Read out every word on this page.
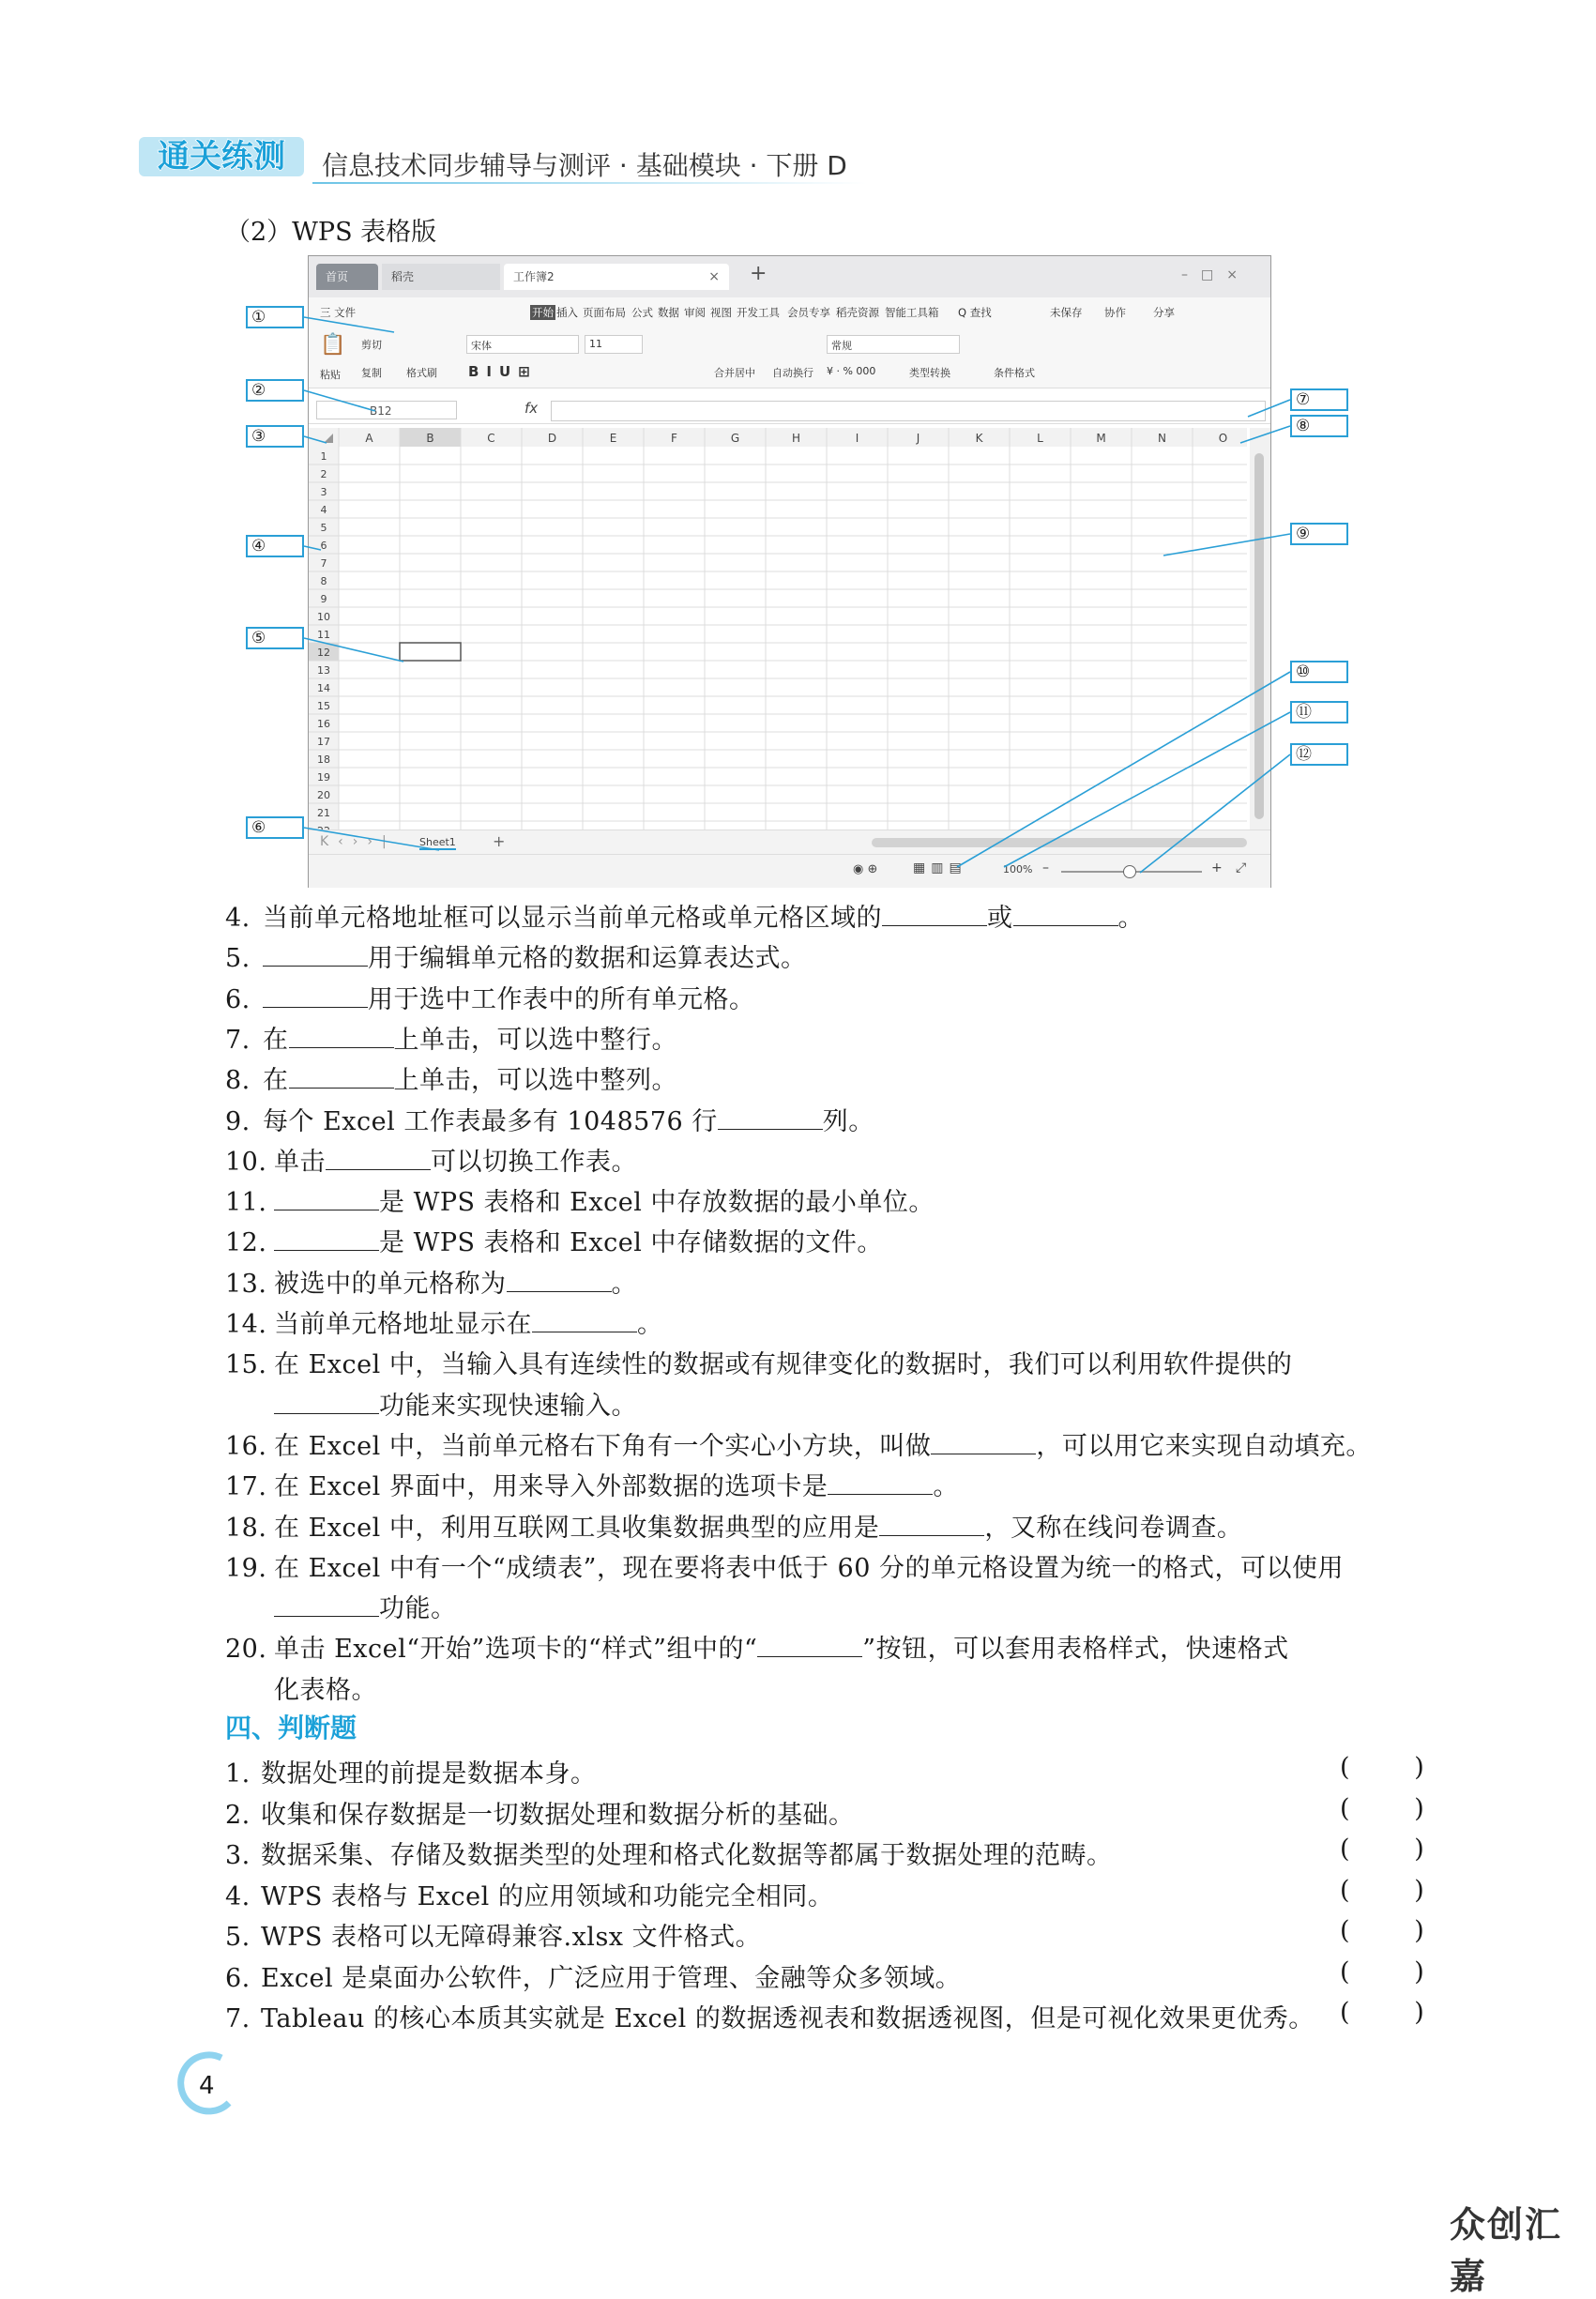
通关练测 信息技术同步辅导与测评 · 基础模块 · 下册 D
（2）WPS 表格版
首页	稻壳	工作簿2	× +	–□×
三 文件	开始 插入 页面布局 公式 数据 审阅 视图 开发工具 会员专享 稻壳资源 智能工具箱 Q 查找	未保存 协作	分享
📋
粘贴
剪切
复制 格式刷
宋体	11
BIU⊞	合并居中 自动换行
常规
¥ · % 000	类型转换	条件格式
B12	fx
A	B	C	D	E	F	G	H	I	J	K	L	M	N	O
1
2
3
4
5
6
7
8
9
10
11
12
13
14
15
16
17
18
19
20
21
K‹››| Sheet1 +
◉ ⊕	▦▥▤	100% –	+ ⤢
①
②
③
④
⑤
⑥
⑦
⑧
⑨
⑩
⑪
⑫
4. 当前单元格地址框可以显示当前单元格或单元格区域的	或	。
5.	用于编辑单元格的数据和运算表达式。
6.	用于选中工作表中的所有单元格。
7. 在	上单击，可以选中整行。
8. 在	上单击，可以选中整列。
9. 每个 Excel 工作表最多有 1048576 行	列。
10. 单击	可以切换工作表。
11.	是 WPS 表格和 Excel 中存放数据的最小单位。
12.	是 WPS 表格和 Excel 中存储数据的文件。
13. 被选中的单元格称为	。
14. 当前单元格地址显示在	。
15. 在 Excel 中，当输入具有连续性的数据或有规律变化的数据时，我们可以利用软件提供的
功能来实现快速输入。
16. 在 Excel 中，当前单元格右下角有一个实心小方块，叫做	，可以用它来实现自动填充。
17. 在 Excel 界面中，用来导入外部数据的选项卡是	。
18. 在 Excel 中，利用互联网工具收集数据典型的应用是	，又称在线问卷调查。
19. 在 Excel 中有一个“成绩表”，现在要将表中低于 60 分的单元格设置为统一的格式，可以使用
功能。
20. 单击 Excel“开始”选项卡的“样式”组中的“	”按钮，可以套用表格样式，快速格式
化表格。
四、判断题
1. 数据处理的前提是数据本身。	(        )
2. 收集和保存数据是一切数据处理和数据分析的基础。	(        )
3. 数据采集、存储及数据类型的处理和格式化数据等都属于数据处理的范畴。	(        )
4. WPS 表格与 Excel 的应用领域和功能完全相同。	(        )
5. WPS 表格可以无障碍兼容.xlsx 文件格式。	(        )
6. Excel 是桌面办公软件，广泛应用于管理、金融等众多领域。	(        )
7. Tableau 的核心本质其实就是 Excel 的数据透视表和数据透视图，但是可视化效果更优秀。 (        )
4
众创汇嘉
